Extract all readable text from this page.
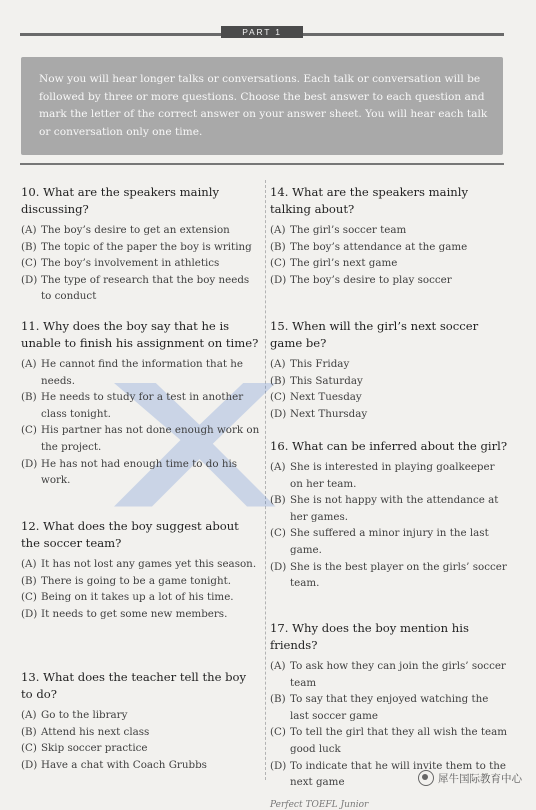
PART 1
Now you will hear longer talks or conversations. Each talk or conversation will be followed by three or more questions. Choose the best answer to each question and mark the letter of the correct answer on your answer sheet. You will hear each talk or conversation only one time.
10. What are the speakers mainly discussing?
(A) The boy’s desire to get an extension
(B) The topic of the paper the boy is writing
(C) The boy’s involvement in athletics
(D) The type of research that the boy needs to conduct
11. Why does the boy say that he is unable to finish his assignment on time?
(A) He cannot find the information that he needs.
(B) He needs to study for a test in another class tonight.
(C) His partner has not done enough work on the project.
(D) He has not had enough time to do his work.
12. What does the boy suggest about the soccer team?
(A) It has not lost any games yet this season.
(B) There is going to be a game tonight.
(C) Being on it takes up a lot of his time.
(D) It needs to get some new members.
13. What does the teacher tell the boy to do?
(A) Go to the library
(B) Attend his next class
(C) Skip soccer practice
(D) Have a chat with Coach Grubbs
14. What are the speakers mainly talking about?
(A) The girl’s soccer team
(B) The boy’s attendance at the game
(C) The girl’s next game
(D) The boy’s desire to play soccer
15. When will the girl’s next soccer game be?
(A) This Friday
(B) This Saturday
(C) Next Tuesday
(D) Next Thursday
16. What can be inferred about the girl?
(A) She is interested in playing goalkeeper on her team.
(B) She is not happy with the attendance at her games.
(C) She suffered a minor injury in the last game.
(D) She is the best player on the girls’ soccer team.
17. Why does the boy mention his friends?
(A) To ask how they can join the girls’ soccer team
(B) To say that they enjoyed watching the last soccer game
(C) To tell the girl that they all wish the team good luck
(D) To indicate that he will invite them to the next game	犀牛国际教育中心
Perfect TOEFL Junior
